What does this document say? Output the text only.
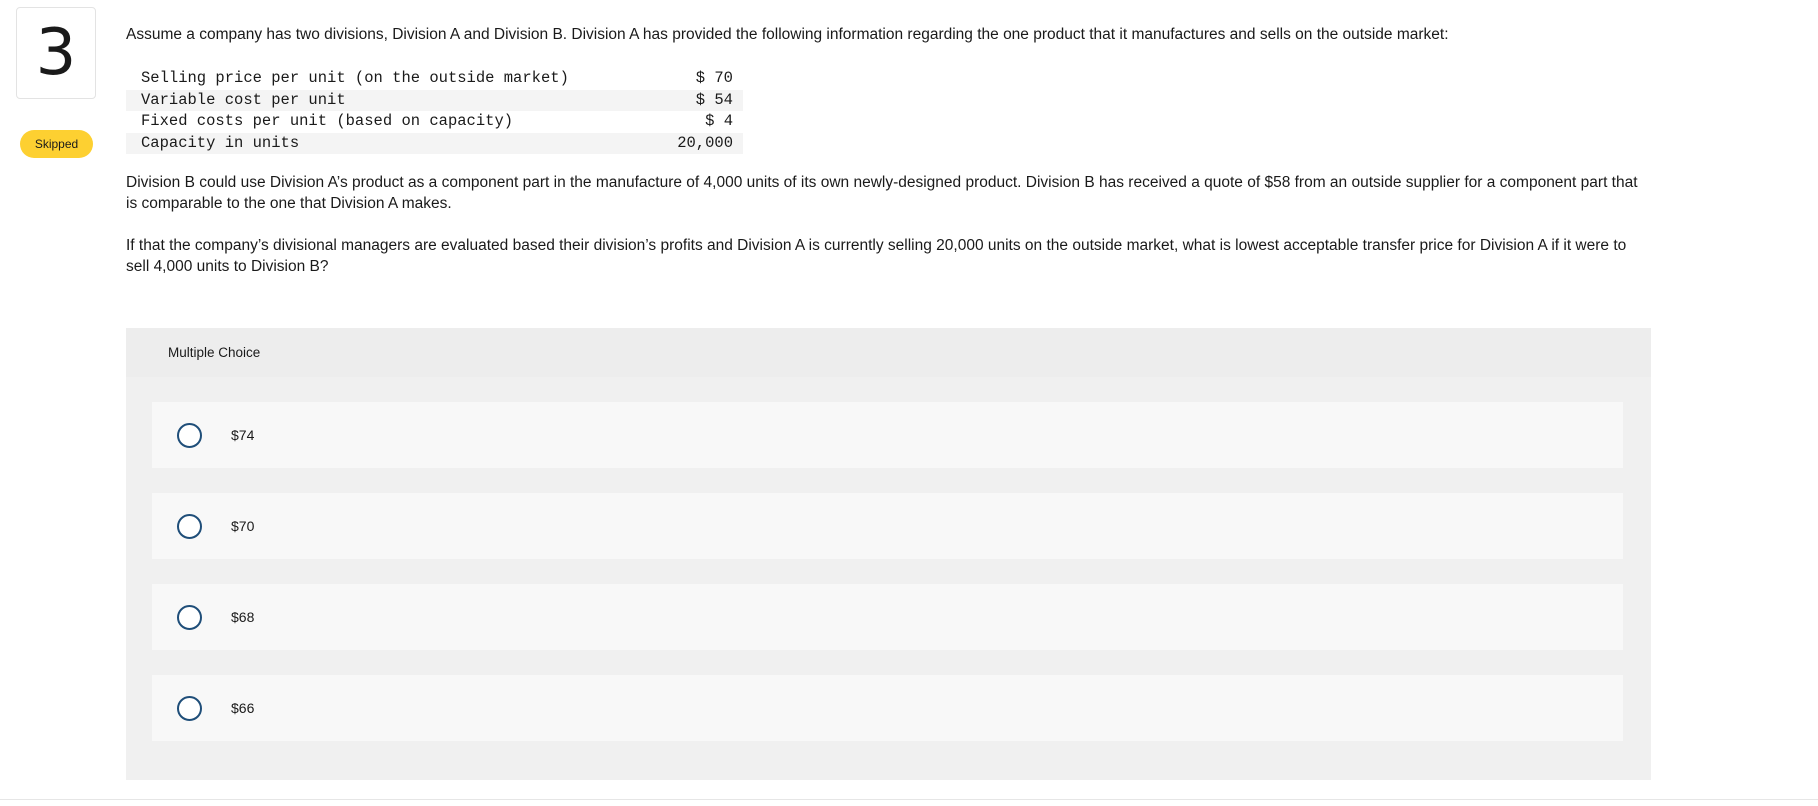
3
Skipped

Assume a company has two divisions, Division A and Division B. Division A has provided the following information regarding the one product that it manufactures and sells on the outside market:

Selling price per unit (on the outside market)	$ 70
Variable cost per unit	$ 54
Fixed costs per unit (based on capacity)	$ 4
Capacity in units	20,000

Division B could use Division A’s product as a component part in the manufacture of 4,000 units of its own newly-designed product. Division B has received a quote of $58 from an outside supplier for a component part that is comparable to the one that Division A makes.

If that the company’s divisional managers are evaluated based their division’s profits and Division A is currently selling 20,000 units on the outside market, what is lowest acceptable transfer price for Division A if it were to sell 4,000 units to Division B?

Multiple Choice
$74
$70
$68
$66
